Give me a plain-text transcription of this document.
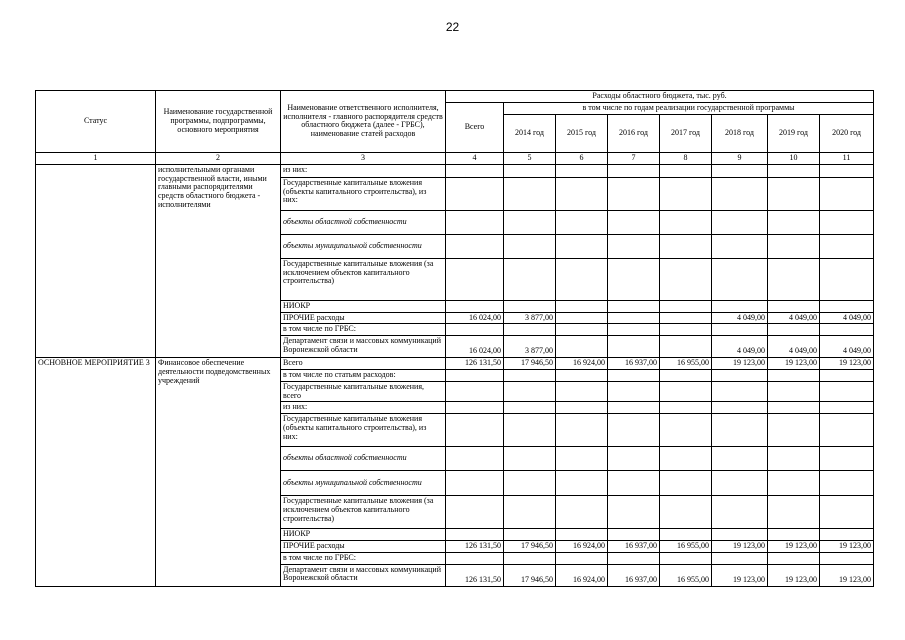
22
Статус	Наименование государственной программы, подпрограммы, основного мероприятия	Наименование ответственного исполнителя, исполнителя - главного распорядителя средств областного бюджета (далее - ГРБС), наименование статей расходов	Расходы областного бюджета, тыс. руб.							
			Всего	в том числе по годам реализации государственной программы						
				2014 год	2015 год	2016 год	2017 год	2018 год	2019 год	2020 год
1	2	3	4	5	6	7	8	9	10	11
	исполнительными органами государственной власти, иными главными распорядителями средств областного бюджета - исполнителями	из них:								
		Государственные капитальные вложения (объекты капитального строительства), из них:								
		объекты областной собственности								
		объекты муниципальной собственности								
		Государственные капитальные вложения (за исключением объектов капитального строительства)								
		НИОКР								
		ПРОЧИЕ расходы	16 024,00	3 877,00				4 049,00	4 049,00	4 049,00
		в том числе по ГРБС:								
		Департамент связи и массовых коммуникаций Воронежской области	16 024,00	3 877,00				4 049,00	4 049,00	4 049,00
ОСНОВНОЕ МЕРОПРИЯТИЕ 3	Финансовое обеспечение деятельности подведомственных учреждений	Всего	126 131,50	17 946,50	16 924,00	16 937,00	16 955,00	19 123,00	19 123,00	19 123,00
		в том числе по статьям расходов:								
		Государственные капитальные вложения, всего								
		из них:								
		Государственные капитальные вложения (объекты капитального строительства), из них:								
		объекты областной собственности								
		объекты муниципальной собственности								
		Государственные капитальные вложения (за исключением объектов капитального строительства)								
		НИОКР								
		ПРОЧИЕ расходы	126 131,50	17 946,50	16 924,00	16 937,00	16 955,00	19 123,00	19 123,00	19 123,00
		в том числе по ГРБС:								
		Департамент связи и массовых коммуникаций Воронежской области	126 131,50	17 946,50	16 924,00	16 937,00	16 955,00	19 123,00	19 123,00	19 123,00
